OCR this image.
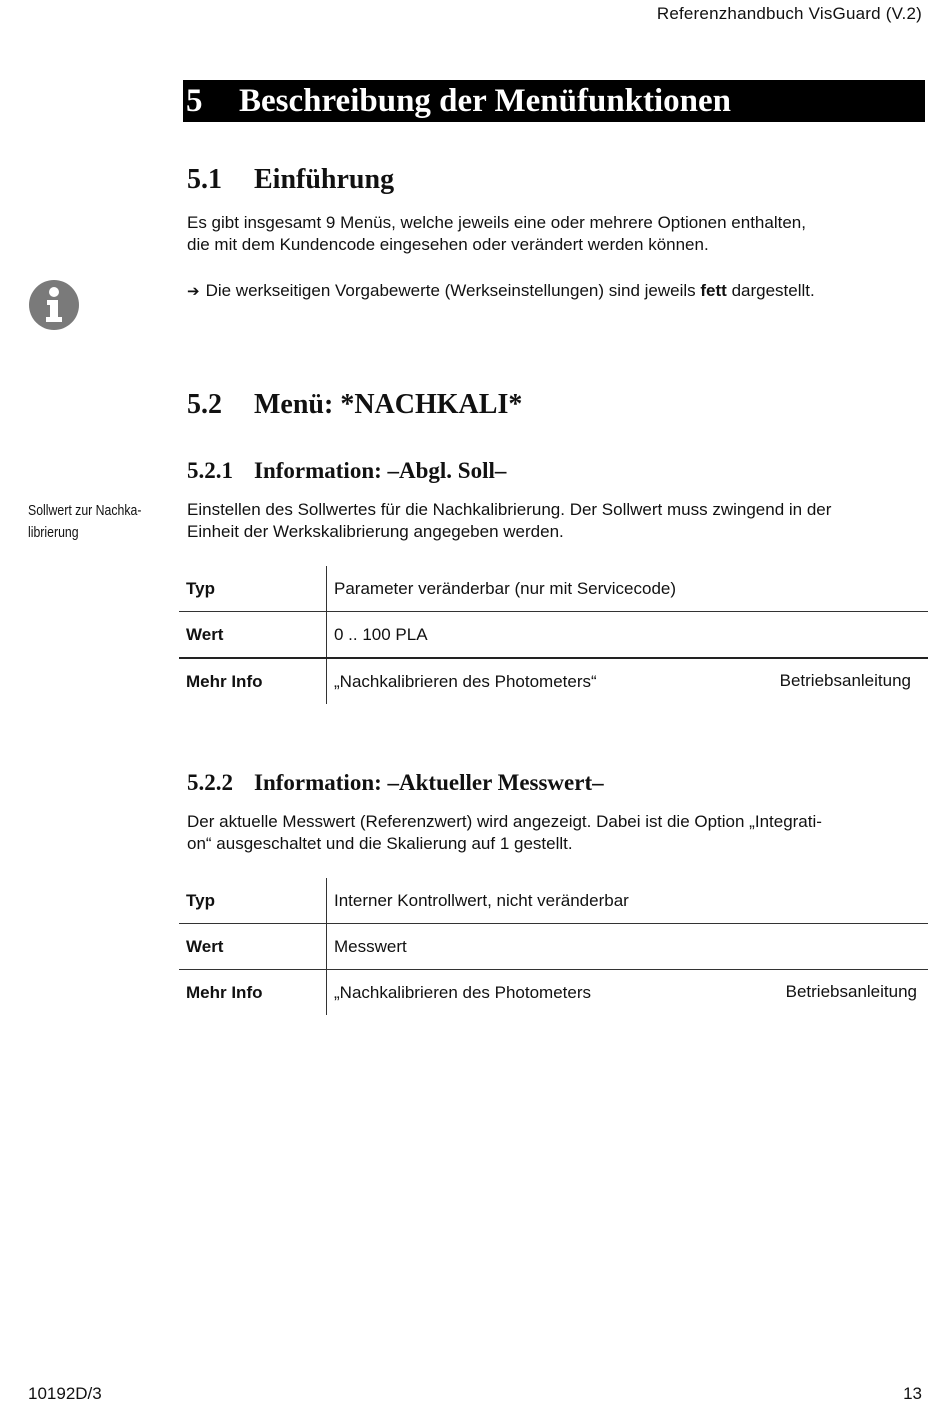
Referenzhandbuch VisGuard (V.2)
5 Beschreibung der Menüfunktionen
5.1 Einführung
Es gibt insgesamt 9 Menüs, welche jeweils eine oder mehrere Optionen enthalten,
die mit dem Kundencode eingesehen oder verändert werden können.
➔ Die werkseitigen Vorgabewerte (Werkseinstellungen) sind jeweils fett dargestellt.
5.2 Menü: *NACHKALI*
5.2.1 Information: –Abgl. Soll–
Sollwert zur Nachka-
librierung
Einstellen des Sollwertes für die Nachkalibrierung. Der Sollwert muss zwingend in der
Einheit der Werkskalibrierung angegeben werden.
Typ	Parameter veränderbar (nur mit Servicecode)
Wert	0 .. 100 PLA
Mehr Info	„Nachkalibrieren des Photometers“ Betriebsanleitung
5.2.2 Information: –Aktueller Messwert–
Der aktuelle Messwert (Referenzwert) wird angezeigt. Dabei ist die Option „Integrati-
on“ ausgeschaltet und die Skalierung auf 1 gestellt.
Typ	Interner Kontrollwert, nicht veränderbar
Wert	Messwert
Mehr Info	„Nachkalibrieren des Photometers Betriebsanleitung
10192D/3	13
